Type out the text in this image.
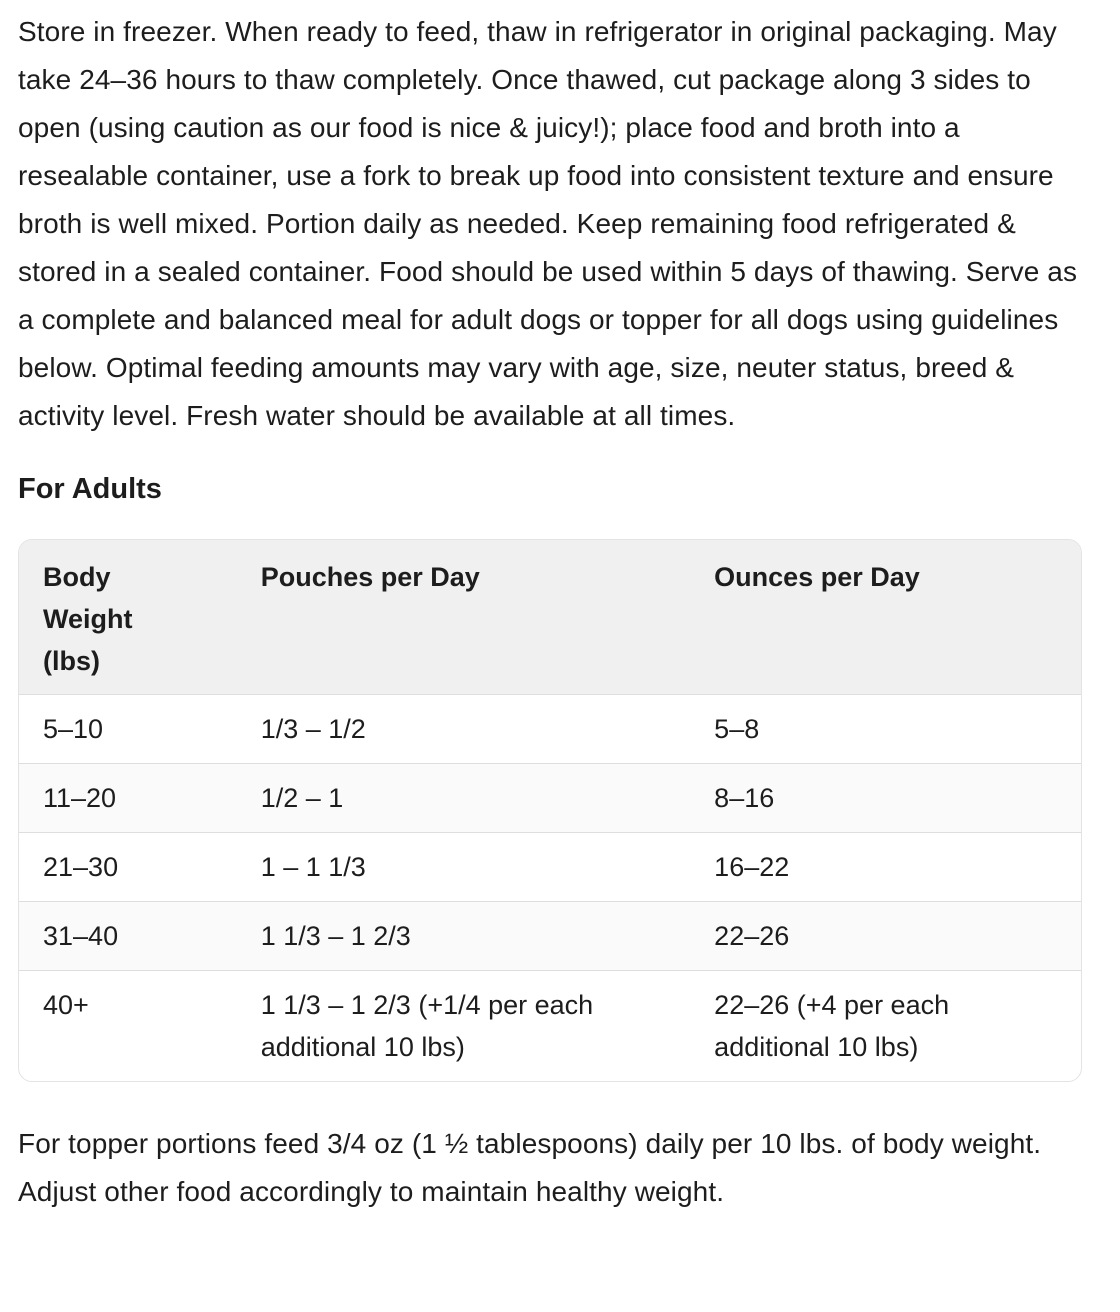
Store in freezer. When ready to feed, thaw in refrigerator in original packaging. May take 24–36 hours to thaw completely. Once thawed, cut package along 3 sides to open (using caution as our food is nice & juicy!); place food and broth into a resealable container, use a fork to break up food into consistent texture and ensure broth is well mixed. Portion daily as needed. Keep remaining food refrigerated & stored in a sealed container. Food should be used within 5 days of thawing. Serve as a complete and balanced meal for adult dogs or topper for all dogs using guidelines below. Optimal feeding amounts may vary with age, size, neuter status, breed & activity level. Fresh water should be available at all times.

For Adults
Body Weight (lbs)	Pouches per Day	Ounces per Day
5–10	1/3 – 1/2	5–8
11–20	1/2 – 1	8–16
21–30	1 – 1 1/3	16–22
31–40	1 1/3 – 1 2/3	22–26
40+	1 1/3 – 1 2/3 (+1/4 per each additional 10 lbs)	22–26 (+4 per each additional 10 lbs)

For topper portions feed 3/4 oz (1 ½ tablespoons) daily per 10 lbs. of body weight. Adjust other food accordingly to maintain healthy weight.
